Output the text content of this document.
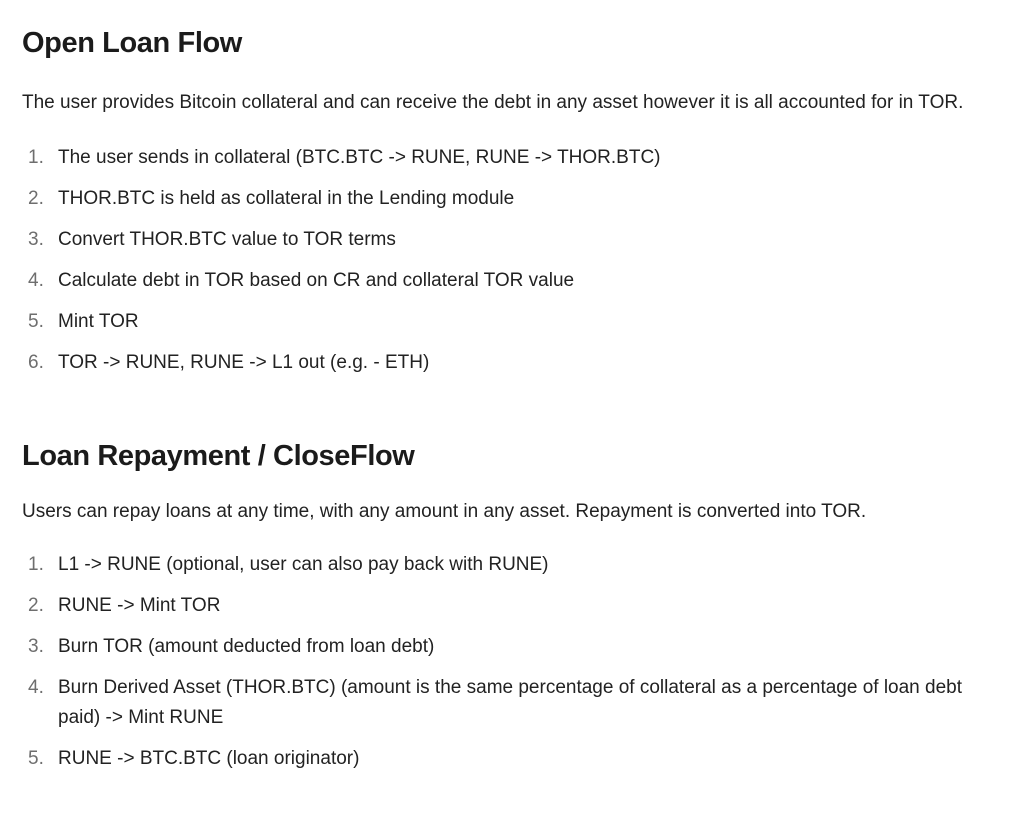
Open Loan Flow

The user provides Bitcoin collateral and can receive the debt in any asset however it is all accounted for in TOR.

1. The user sends in collateral (BTC.BTC -> RUNE, RUNE -> THOR.BTC)
2. THOR.BTC is held as collateral in the Lending module
3. Convert THOR.BTC value to TOR terms
4. Calculate debt in TOR based on CR and collateral TOR value
5. Mint TOR
6. TOR -> RUNE, RUNE -> L1 out (e.g. - ETH)
Loan Repayment / CloseFlow

Users can repay loans at any time, with any amount in any asset. Repayment is converted into TOR.

1. L1 -> RUNE (optional, user can also pay back with RUNE)
2. RUNE -> Mint TOR
3. Burn TOR (amount deducted from loan debt)
4. Burn Derived Asset (THOR.BTC) (amount is the same percentage of collateral as a percentage of loan debt paid) -> Mint RUNE
5. RUNE -> BTC.BTC (loan originator)
